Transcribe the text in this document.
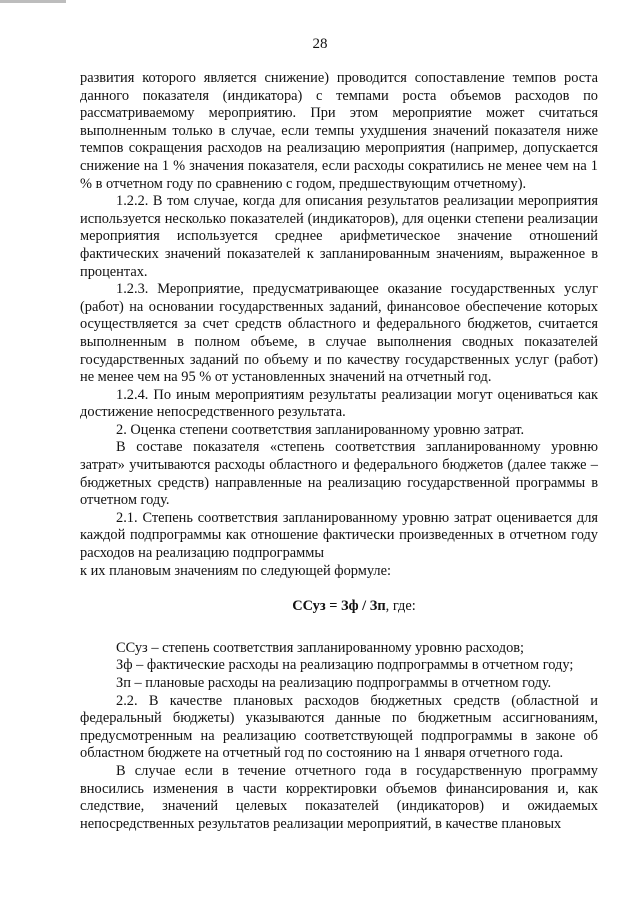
28

развития которого является снижение) проводится сопоставление темпов роста данного показателя (индикатора) с темпами роста объемов расходов по рассматриваемому мероприятию. При этом мероприятие может считаться выполненным только в случае, если темпы ухудшения значений показателя ниже темпов сокращения расходов на реализацию мероприятия (например, допускается снижение на 1 % значения показателя, если расходы сократились не менее чем на 1 % в отчетном году по сравнению с годом, предшествующим отчетному).

1.2.2. В том случае, когда для описания результатов реализации мероприятия используется несколько показателей (индикаторов), для оценки степени реализации мероприятия используется среднее арифметическое значение отношений фактических значений показателей к запланированным значениям, выраженное в процентах.

1.2.3. Мероприятие, предусматривающее оказание государственных услуг (работ) на основании государственных заданий, финансовое обеспечение которых осуществляется за счет средств областного и федерального бюджетов, считается выполненным в полном объеме, в случае выполнения сводных показателей государственных заданий по объему и по качеству государственных услуг (работ) не менее чем на 95 % от установленных значений на отчетный год.

1.2.4. По иным мероприятиям результаты реализации могут оцениваться как достижение непосредственного результата.

2. Оценка степени соответствия запланированному уровню затрат.

В составе показателя «степень соответствия запланированному уровню затрат» учитываются расходы областного и федерального бюджетов (далее также – бюджетных средств) направленные на реализацию государственной программы в отчетном году.

2.1. Степень соответствия запланированному уровню затрат оценивается для каждой подпрограммы как отношение фактически произведенных в отчетном году расходов на реализацию подпрограммы

к их плановым значениям по следующей формуле:

ССуз = Зф / Зп, где:

ССуз – степень соответствия запланированному уровню расходов;

Зф – фактические расходы на реализацию подпрограммы в отчетном году;

Зп – плановые расходы на реализацию подпрограммы в отчетном году.

2.2. В качестве плановых расходов бюджетных средств (областной и федеральный бюджеты) указываются данные по бюджетным ассигнованиям, предусмотренным на реализацию соответствующей подпрограммы в законе об областном бюджете на отчетный год по состоянию на 1 января отчетного года.

В случае если в течение отчетного года в государственную программу вносились изменения в части корректировки объемов финансирования и, как следствие, значений целевых показателей (индикаторов) и ожидаемых непосредственных результатов реализации мероприятий, в качестве плановых
